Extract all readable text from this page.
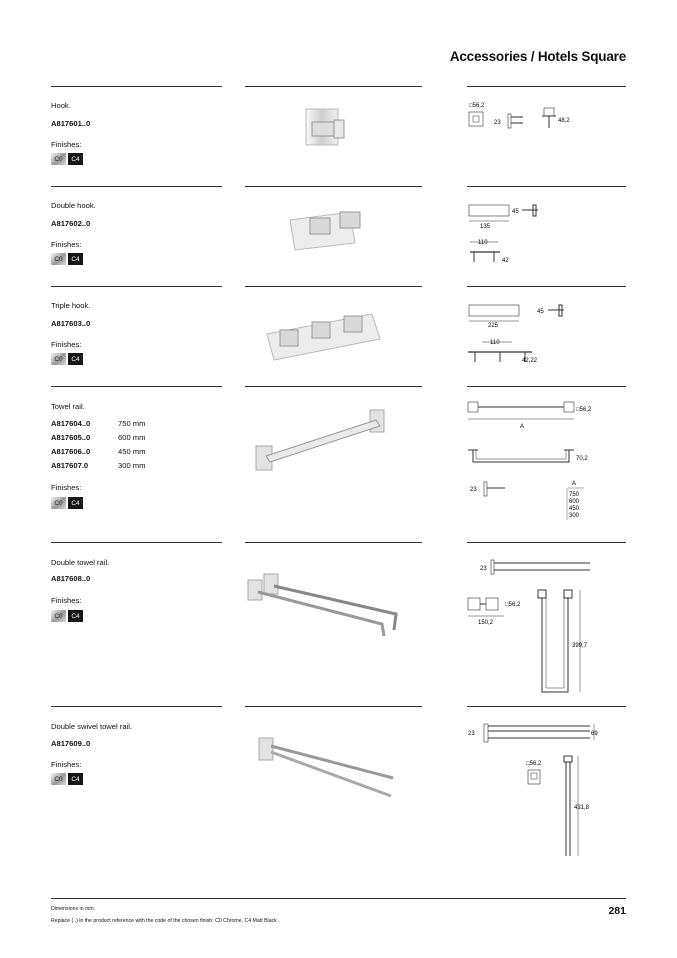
Accessories / Hotels Square
Hook.
A817601..0
Finishes:
C0	C4
□56,2
23	48,2
Double hook.
A817602..0
Finishes:
C0	C4
135
45
110
42
Triple hook.
A817603..0
Finishes:
C0	C4
225
45
110
42,22
Towel rail.
A817604..0	750 mm
A817605..0	600 mm
A817606..0	450 mm
A817607.0	300 mm
Finishes:
C0	C4
□56,2
A
70,2
23
A
750
600
450
300
Double towel rail.
A817608..0
Finishes:
C0	C4
23
□56,2
150,2
399,7
Double swivel towel rail.
A817609..0
Finishes:
C0	C4
23	69
□56,2
431,8
Dimensions in mm.
Replace (..) in the product reference with the code of the chosen finish: C0 Chrome, C4 Matt Black
281
